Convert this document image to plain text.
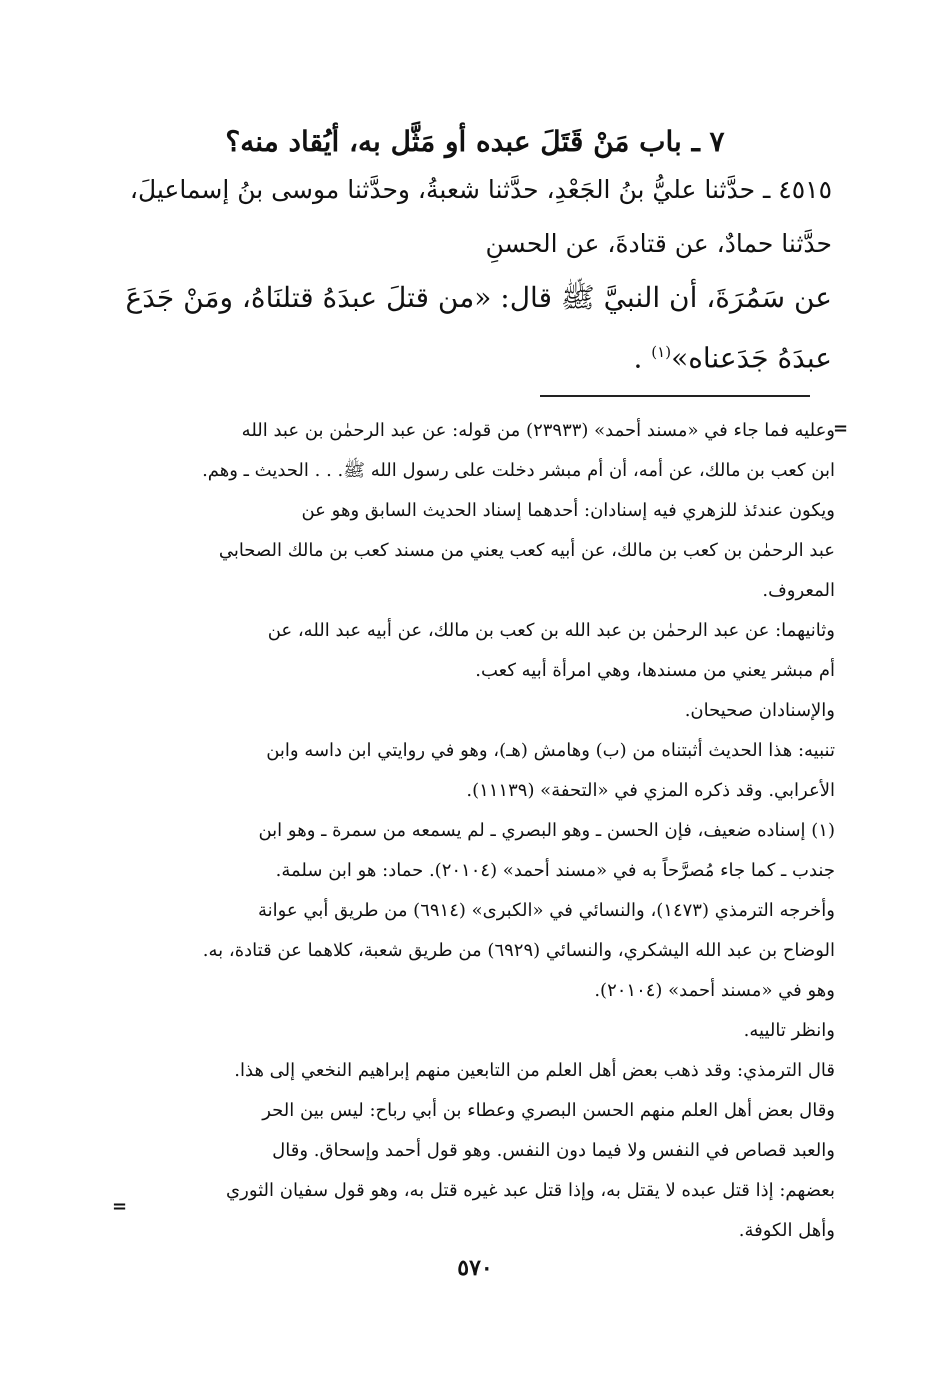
٧ ـ باب مَنْ قَتَلَ عبده أو مَثَّل به، أيُقاد منه؟
٤٥١٥ ـ حدَّثنا عليُّ بنُ الجَعْدِ، حدَّثنا شعبةُ، وحدَّثنا موسى بنُ إسماعيلَ،
حدَّثنا حمادٌ، عن قتادةَ، عن الحسنِ
عن سَمُرَةَ، أن النبيَّ ﷺ قال: «من قتلَ عبدَهُ قتلنَاهُ، ومَنْ جَدَعَ
عبدَهُ جَدَعناه»$^{(١)}$ .
=
وعليه فما جاء في «مسند أحمد» (٢٣٩٣٣) من قوله: عن عبد الرحمٰن بن عبد الله
ابن كعب بن مالك، عن أمه، أن أم مبشر دخلت على رسول الله ﷺ. . . الحديث ـ وهم.
ويكون عندئذ للزهري فيه إسنادان: أحدهما إسناد الحديث السابق وهو عن
عبد الرحمٰن بن كعب بن مالك، عن أبيه كعب يعني من مسند كعب بن مالك الصحابي
المعروف.
وثانيهما: عن عبد الرحمٰن بن عبد الله بن كعب بن مالك، عن أبيه عبد الله، عن
أم مبشر يعني من مسندها، وهي امرأة أبيه كعب.
والإسنادان صحيحان.
تنبيه: هذا الحديث أثبتناه من (ب) وهامش (هـ)، وهو في روايتي ابن داسه وابن
الأعرابي. وقد ذكره المزي في «التحفة» (١١١٣٩).
(١) إسناده ضعيف، فإن الحسن ـ وهو البصري ـ لم يسمعه من سمرة ـ وهو ابن
جندب ـ كما جاء مُصرَّحاً به في «مسند أحمد» (٢٠١٠٤). حماد: هو ابن سلمة.
وأخرجه الترمذي (١٤٧٣)، والنسائي في «الكبرى» (٦٩١٤) من طريق أبي عوانة
الوضاح بن عبد الله اليشكري، والنسائي (٦٩٢٩) من طريق شعبة، كلاهما عن قتادة، به.
وهو في «مسند أحمد» (٢٠١٠٤).
وانظر تالييه.
قال الترمذي: وقد ذهب بعض أهل العلم من التابعين منهم إبراهيم النخعي إلى هذا.
وقال بعض أهل العلم منهم الحسن البصري وعطاء بن أبي رباح: ليس بين الحر
والعبد قصاص في النفس ولا فيما دون النفس. وهو قول أحمد وإسحاق. وقال
بعضهم: إذا قتل عبده لا يقتل به، وإذا قتل عبد غيره قتل به، وهو قول سفيان الثوري
وأهل الكوفة.
=
٥٧٠
